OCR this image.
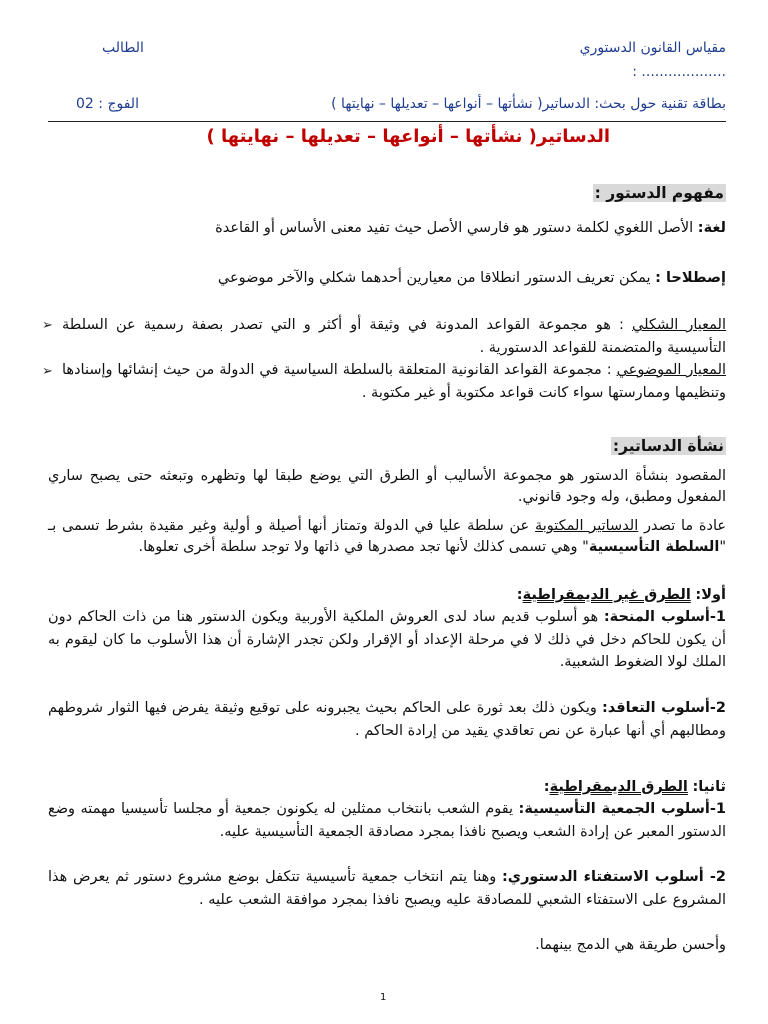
مقياس القانون الدستوري
الطالب
................... :
بطاقة تقنية حول بحث: الدساتير( نشأتها – أنواعها – تعديلها – نهايتها )
الفوج : 02
الدساتير( نشأتها – أنواعها – تعديلها – نهايتها )
مفهوم الدستور :
لغة: الأصل اللغوي لكلمة دستور هو فارسي الأصل حيث تفيد معنى الأساس أو القاعدة
إصطلاحا : يمكن تعريف الدستور انطلاقا من معيارين أحدهما شكلي والآخر موضوعي
➢	المعيار الشكلي : هو مجموعة القواعد المدونة في وثيقة أو أكثر و التي تصدر بصفة رسمية عن السلطة التأسيسية والمتضمنة للقواعد الدستورية .
➢	المعيار الموضوعي : مجموعة القواعد القانونية المتعلقة بالسلطة السياسية في الدولة من حيث إنشائها وإسنادها وتنظيمها وممارستها سواء كانت قواعد مكتوبة أو غير مكتوبة .
نشأة الدساتير:
المقصود بنشأة الدستور هو مجموعة الأساليب أو الطرق التي يوضع طبقا لها وتظهره وتبعثه حتى يصبح ساري المفعول ومطبق، وله وجود قانوني.
عادة ما تصدر الدساتير المكتوبة عن سلطة عليا في الدولة وتمتاز أنها أصيلة و أولية وغير مقيدة بشرط تسمى بـ "السلطة التأسيسية" وهي تسمى كذلك لأنها تجد مصدرها في ذاتها ولا توجد سلطة أخرى تعلوها.
أولا: الطرق غير الديمقراطية:
1-أسلوب المنحة: هو أسلوب قديم ساد لدى العروش الملكية الأوربية ويكون الدستور هنا من ذات الحاكم دون أن يكون للحاكم دخل في ذلك لا في مرحلة الإعداد أو الإقرار ولكن تجدر الإشارة أن هذا الأسلوب ما كان ليقوم به الملك لولا الضغوط الشعبية.
2-أسلوب التعاقد: ويكون ذلك بعد ثورة على الحاكم بحيث يجبرونه على توقيع وثيقة يفرض فيها الثوار شروطهم ومطالبهم أي أنها عبارة عن نص تعاقدي يقيد من إرادة الحاكم .
ثانيا: الطرق الديمقراطية:
1-أسلوب الجمعية التأسيسية: يقوم الشعب بانتخاب ممثلين له يكونون جمعية أو مجلسا تأسيسيا مهمته وضع الدستور المعبر عن إرادة الشعب ويصبح نافذا بمجرد مصادقة الجمعية التأسيسية عليه.
2- أسلوب الاستفتاء الدستوري: وهنا يتم انتخاب جمعية تأسيسية تتكفل بوضع مشروع دستور ثم يعرض هذا المشروع على الاستفتاء الشعبي للمصادقة عليه ويصبح نافذا بمجرد موافقة الشعب عليه .
وأحسن طريقة هي الدمج بينهما.
1
